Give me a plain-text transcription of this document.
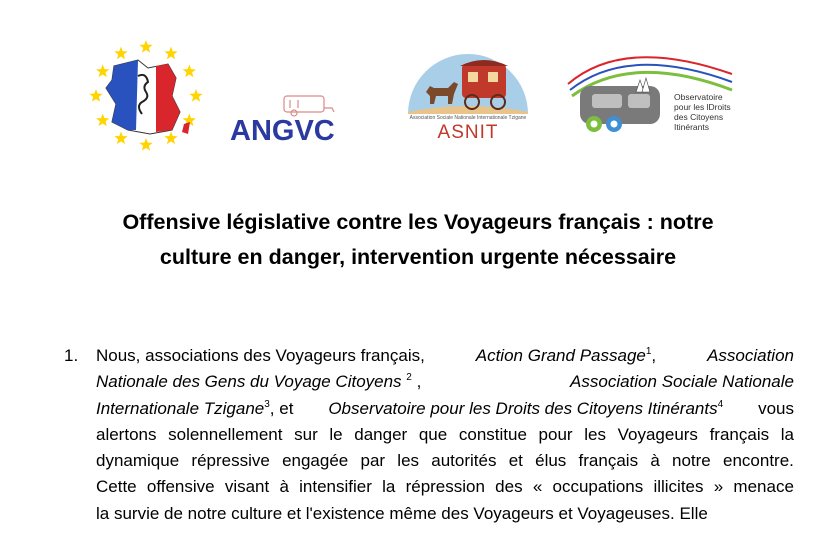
ANGVC	Association Sociale Nationale Internationale Tzigane
ASNIT
Observatoire
pour les lDroits
des Citoyens
Itinérants
Offensive législative contre les Voyageurs français : notre
culture en danger, intervention urgente nécessaire
1. Nous, associations des Voyageurs français,	Action Grand Passage$^1$,	Association
Nationale des Gens du Voyage Citoyens $^2$ ,	Association Sociale Nationale
Internationale Tzigane$^3$, et Observatoire pour les Droits des Citoyens Itinérants$^4$ vous
alertons solennellement sur le danger que constitue pour les Voyageurs français la
dynamique répressive engagée par les autorités et élus français à notre encontre.
Cette offensive visant à intensifier la répression des « occupations illicites » menace
la survie de notre culture et l'existence même des Voyageurs et Voyageuses. Elle
